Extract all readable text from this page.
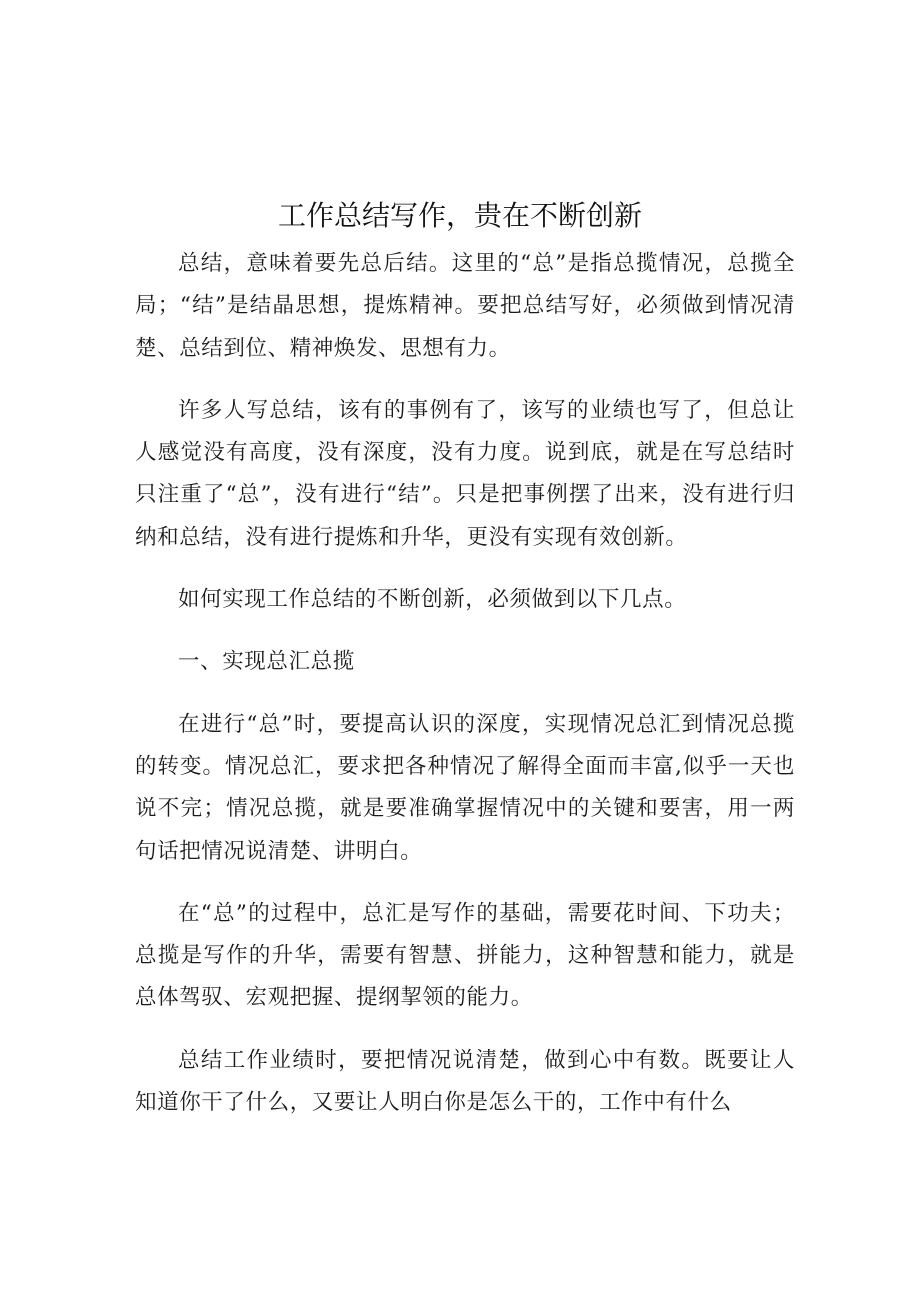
工作总结写作，贵在不断创新

总结，意味着要先总后结。这里的“总”是指总揽情况，总揽全局；“结”是结晶思想，提炼精神。要把总结写好，必须做到情况清楚、总结到位、精神焕发、思想有力。

许多人写总结，该有的事例有了，该写的业绩也写了，但总让人感觉没有高度，没有深度，没有力度。说到底，就是在写总结时只注重了“总”，没有进行“结”。只是把事例摆了出来，没有进行归纳和总结，没有进行提炼和升华，更没有实现有效创新。

如何实现工作总结的不断创新，必须做到以下几点。

一、实现总汇总揽

在进行“总”时，要提高认识的深度，实现情况总汇到情况总揽的转变。情况总汇，要求把各种情况了解得全面而丰富,似乎一天也说不完；情况总揽，就是要准确掌握情况中的关键和要害，用一两句话把情况说清楚、讲明白。

在“总”的过程中，总汇是写作的基础，需要花时间、下功夫；总揽是写作的升华，需要有智慧、拼能力，这种智慧和能力，就是总体驾驭、宏观把握、提纲挈领的能力。

总结工作业绩时，要把情况说清楚，做到心中有数。既要让人知道你干了什么，又要让人明白你是怎么干的，工作中有什么
